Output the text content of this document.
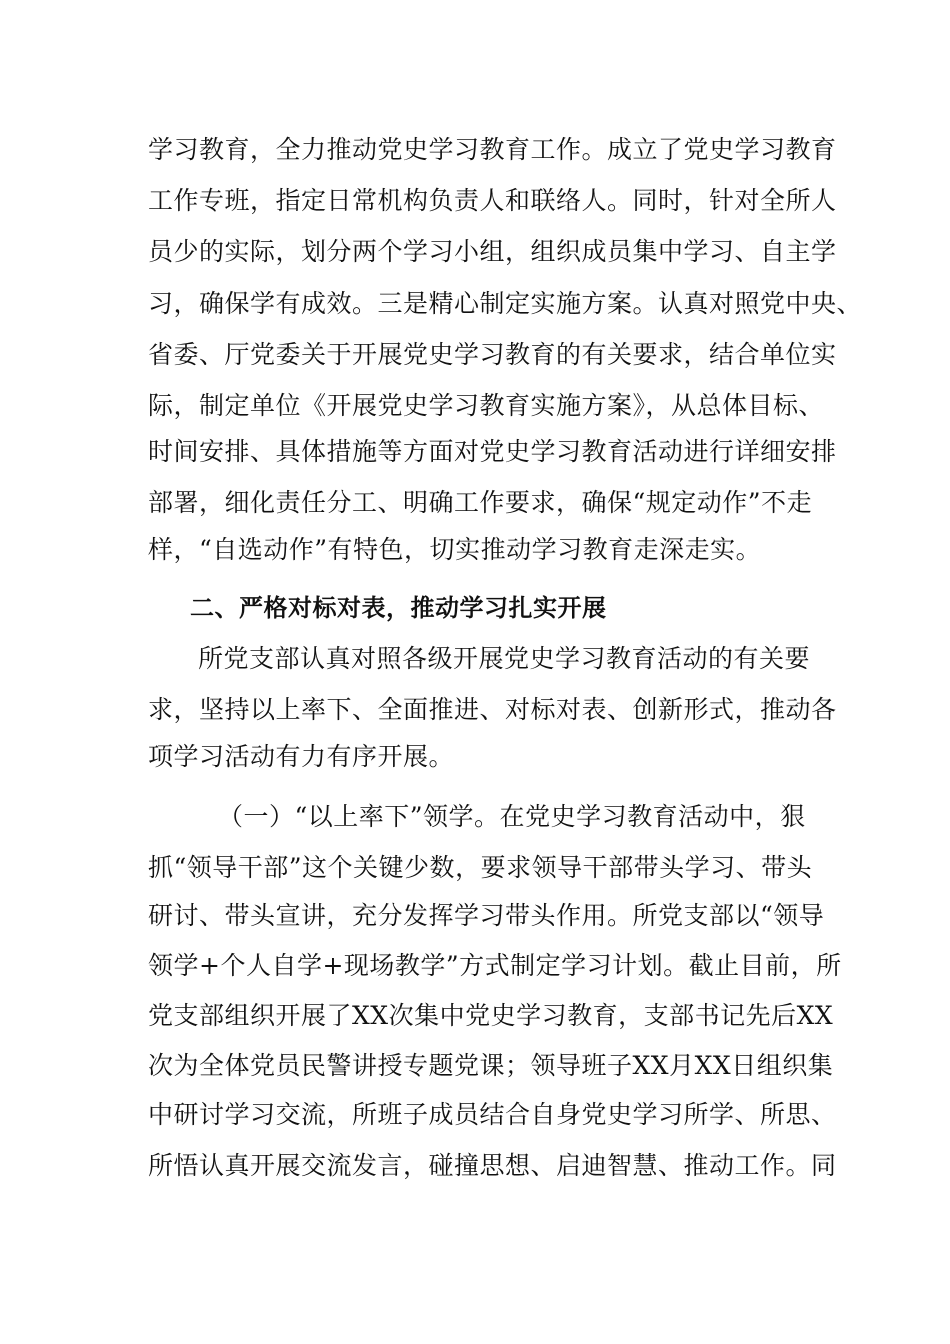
学习教育，全力推动党史学习教育工作。成立了党史学习教育
工作专班，指定日常机构负责人和联络人。同时，针对全所人
员少的实际，划分两个学习小组，组织成员集中学习、自主学
习，确保学有成效。三是精心制定实施方案。认真对照党中央、
省委、厅党委关于开展党史学习教育的有关要求，结合单位实
际，制定单位《开展党史学习教育实施方案》，从总体目标、
时间安排、具体措施等方面对党史学习教育活动进行详细安排
部署，细化责任分工、明确工作要求，确保“规定动作”不走
样，“自选动作”有特色，切实推动学习教育走深走实。
二、严格对标对表，推动学习扎实开展
所党支部认真对照各级开展党史学习教育活动的有关要
求，坚持以上率下、全面推进、对标对表、创新形式，推动各
项学习活动有力有序开展。
（一）“以上率下”领学。在党史学习教育活动中，狠
抓“领导干部”这个关键少数，要求领导干部带头学习、带头
研讨、带头宣讲，充分发挥学习带头作用。所党支部以“领导
领学+个人自学+现场教学”方式制定学习计划。截止目前，所
党支部组织开展了XX次集中党史学习教育，支部书记先后XX
次为全体党员民警讲授专题党课；领导班子XX月XX日组织集
中研讨学习交流，所班子成员结合自身党史学习所学、所思、
所悟认真开展交流发言，碰撞思想、启迪智慧、推动工作。同
